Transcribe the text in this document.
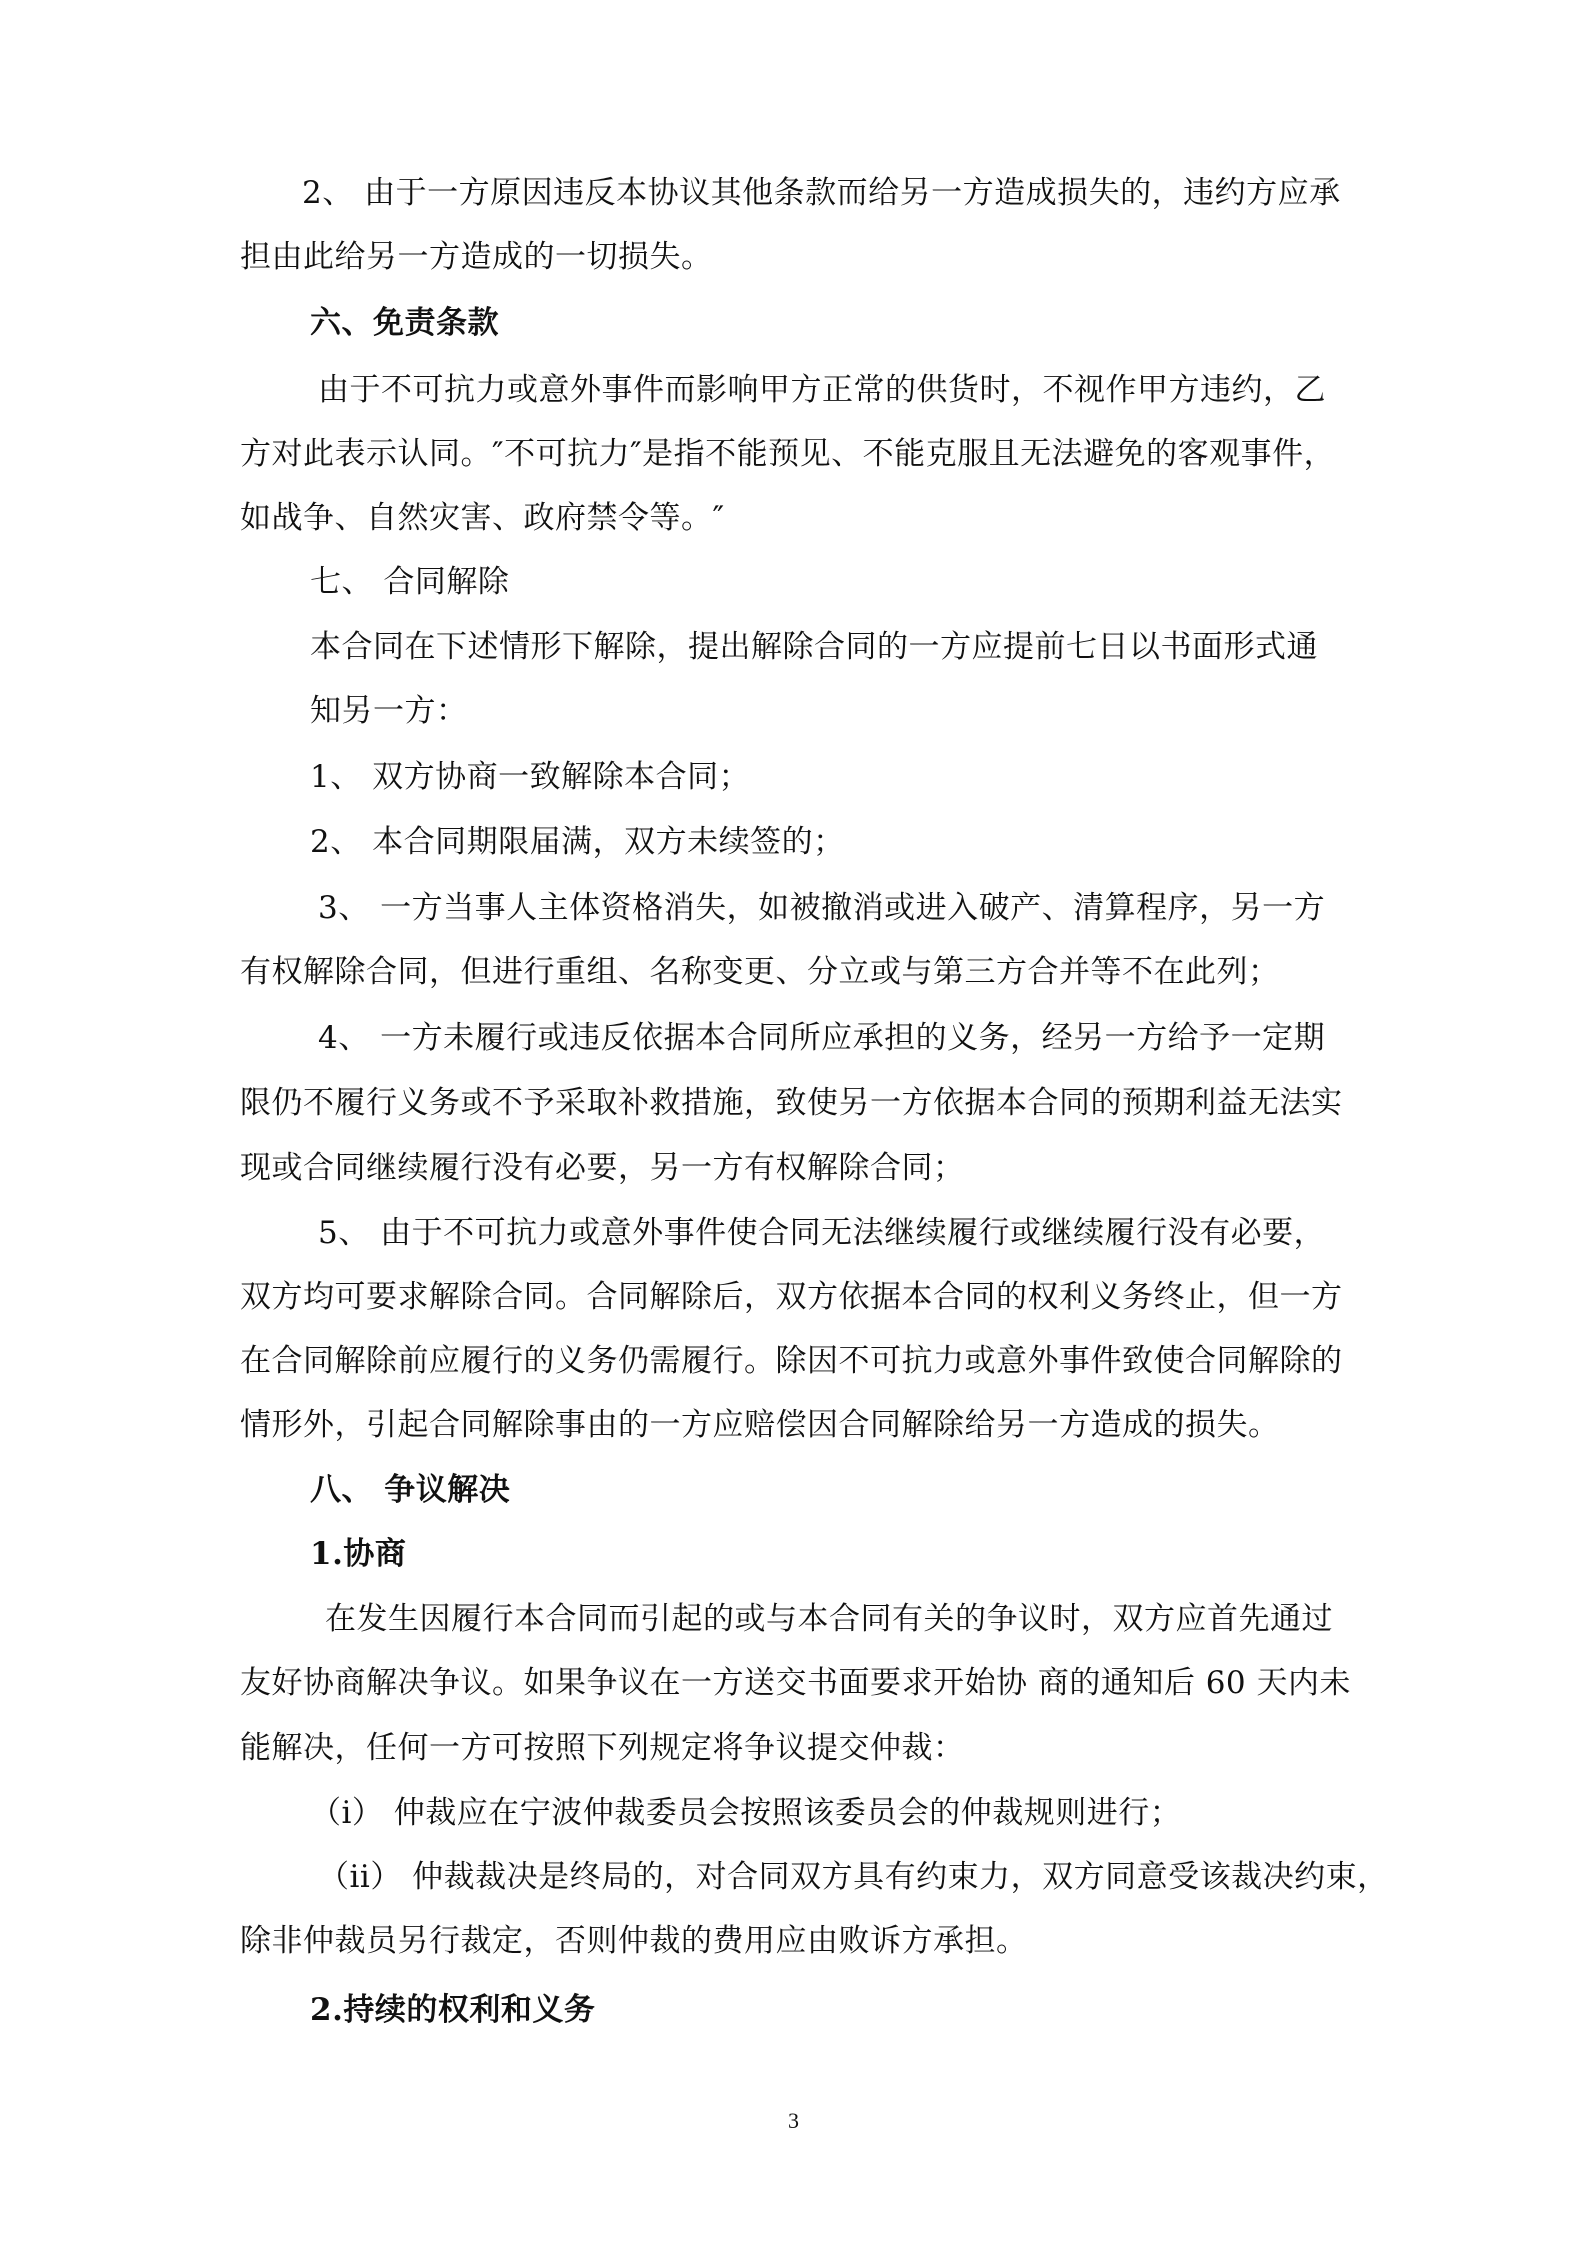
2、 由于一方原因违反本协议其他条款而给另一方造成损失的，违约方应承
担由此给另一方造成的一切损失。
六、免责条款
由于不可抗力或意外事件而影响甲方正常的供货时，不视作甲方违约，乙
方对此表示认同。″不可抗力″是指不能预见、不能克服且无法避免的客观事件，
如战争、自然灾害、政府禁令等。″
七、 合同解除
本合同在下述情形下解除，提出解除合同的一方应提前七日以书面形式通
知另一方：
1、 双方协商一致解除本合同；
2、 本合同期限届满，双方未续签的；
3、 一方当事人主体资格消失，如被撤消或进入破产、清算程序，另一方
有权解除合同，但进行重组、名称变更、分立或与第三方合并等不在此列；
4、 一方未履行或违反依据本合同所应承担的义务，经另一方给予一定期
限仍不履行义务或不予采取补救措施，致使另一方依据本合同的预期利益无法实
现或合同继续履行没有必要，另一方有权解除合同；
5、 由于不可抗力或意外事件使合同无法继续履行或继续履行没有必要，
双方均可要求解除合同。合同解除后，双方依据本合同的权利义务终止，但一方
在合同解除前应履行的义务仍需履行。除因不可抗力或意外事件致使合同解除的
情形外，引起合同解除事由的一方应赔偿因合同解除给另一方造成的损失。
八、 争议解决
1.协商
在发生因履行本合同而引起的或与本合同有关的争议时，双方应首先通过
友好协商解决争议。如果争议在一方送交书面要求开始协 商的通知后 60 天内未
能解决，任何一方可按照下列规定将争议提交仲裁：
（i） 仲裁应在宁波仲裁委员会按照该委员会的仲裁规则进行；
（ii） 仲裁裁决是终局的，对合同双方具有约束力，双方同意受该裁决约束，
除非仲裁员另行裁定，否则仲裁的费用应由败诉方承担。
2.持续的权利和义务
3
